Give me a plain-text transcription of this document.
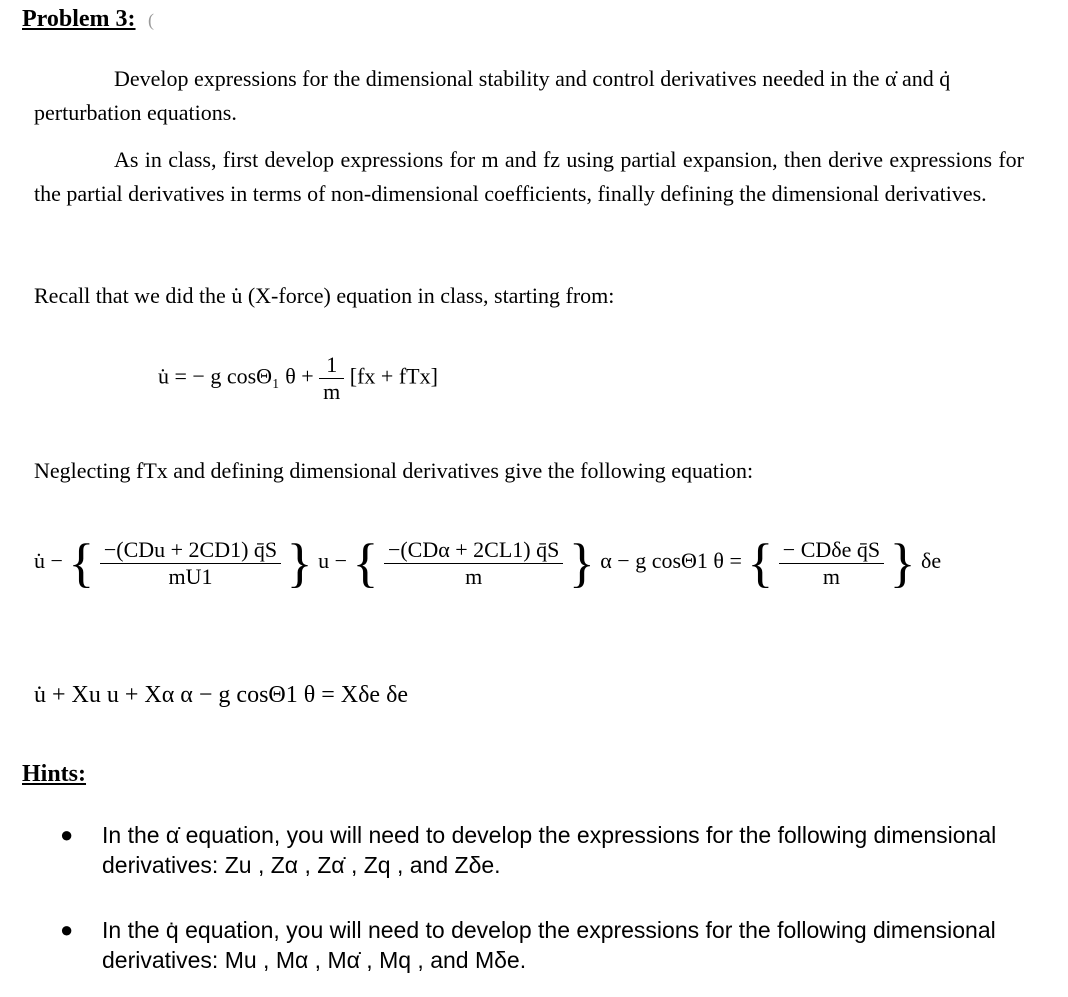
Problem 3: (
Develop expressions for the dimensional stability and control derivatives needed in the α̇ and q̇ perturbation equations.
As in class, first develop expressions for m and fz using partial expansion, then derive expressions for the partial derivatives in terms of non-dimensional coefficients, finally defining the dimensional derivatives.
Recall that we did the u̇ (X-force) equation in class, starting from:
u̇ = − g cosΘ₁ $\theta + \frac{1}{m} [fx + fTx]$
Neglecting fTx and defining dimensional derivatives give the following equation:
u̇ − { $\frac{\text{−(CDu + 2CD1) q̄S}}{mU1}$ } u − { $\frac{\text{−(CDα + 2CL1) q̄S}}{m}$ } α − g cosΘ1 θ = { $\frac{\text{− CDδe q̄S}}{m}$ } δe
u̇ + Xu u + Xα α − g cosΘ1 θ = Xδe δe
Hints:
● In the α̇ equation, you will need to develop the expressions for the following dimensional derivatives: Zu , Zα , Zα̇ , Zq , and Zδe.
● In the q̇ equation, you will need to develop the expressions for the following dimensional derivatives: Mu , Mα , Mα̇ , Mq , and Mδe.
